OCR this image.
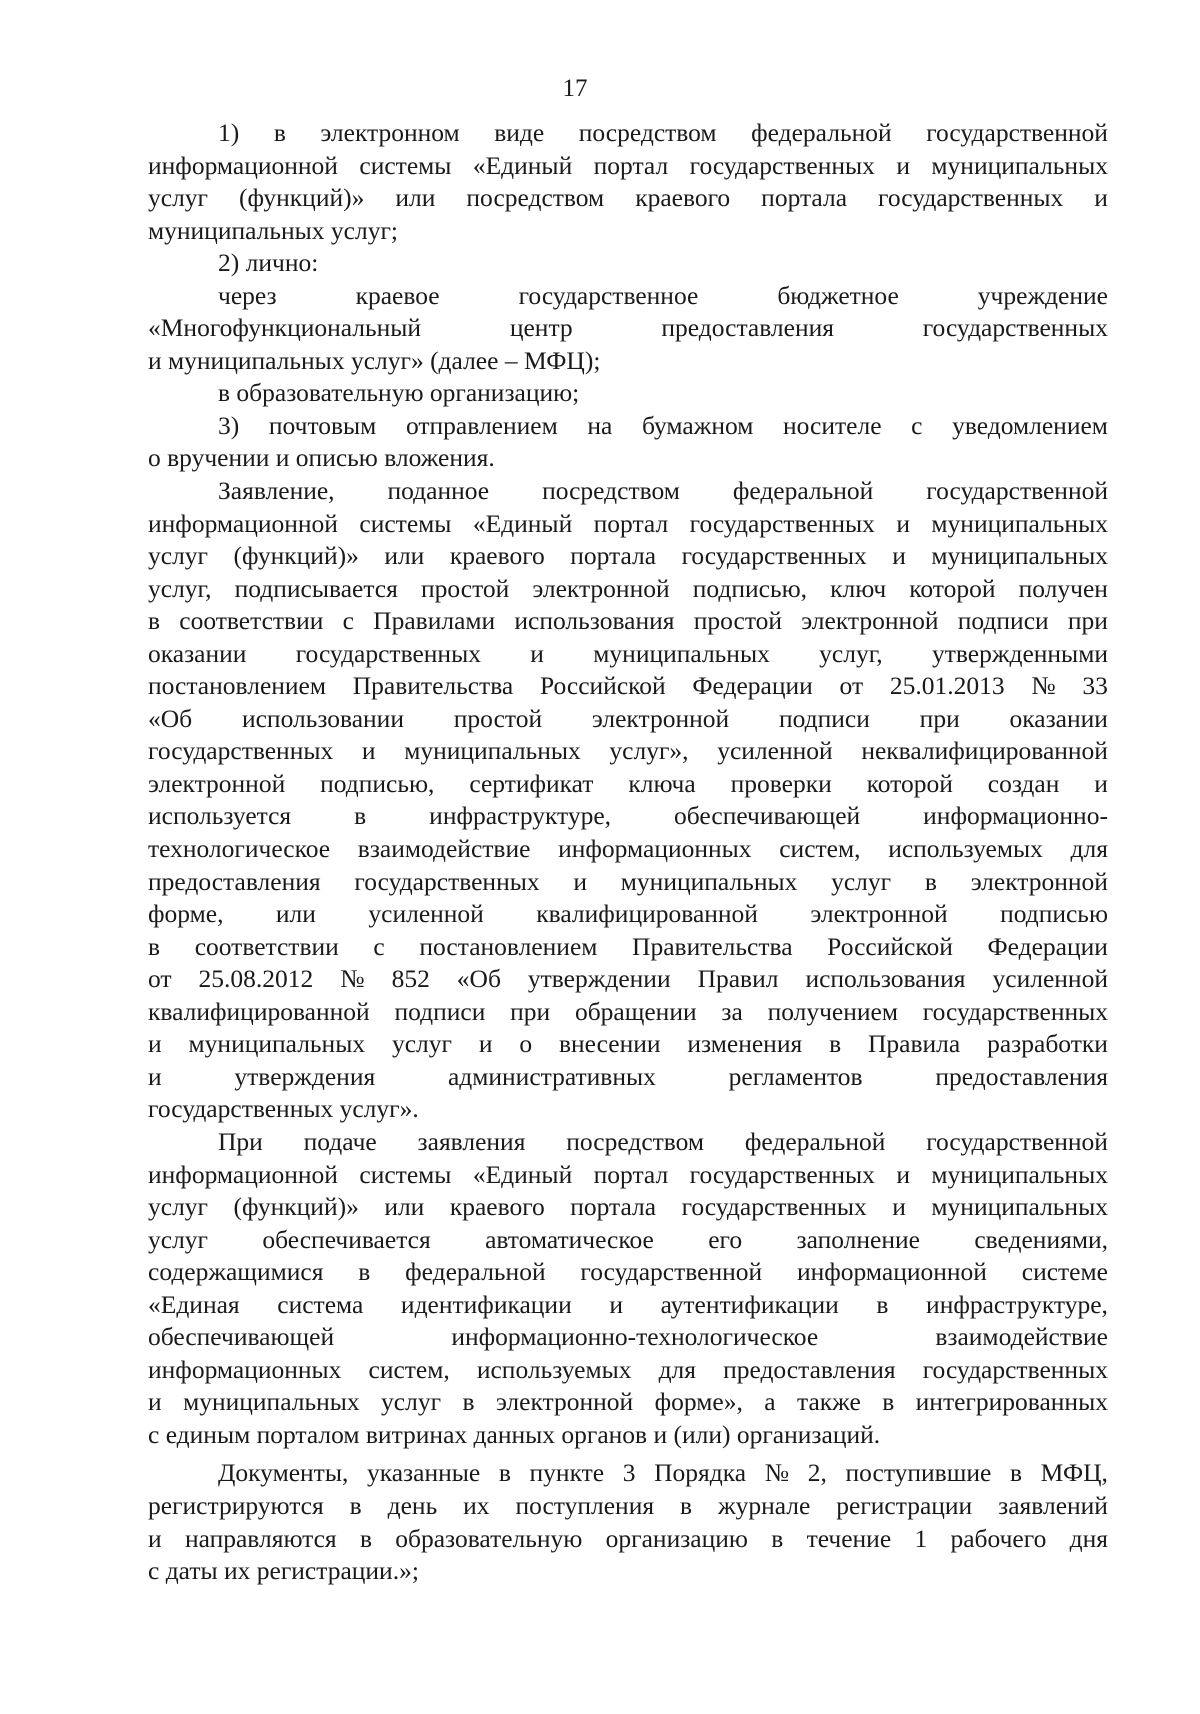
17
1) в электронном виде посредством федеральной государственной
информационной системы «Единый портал государственных и муниципальных
услуг (функций)» или посредством краевого портала государственных и
муниципальных услуг;
2) лично:
через	краевое	государственное	бюджетное	учреждение
«Многофункциональный	центр	предоставления	государственных
и муниципальных услуг» (далее – МФЦ);
в образовательную организацию;
3) почтовым отправлением на бумажном носителе с уведомлением
о вручении и описью вложения.
Заявление, поданное посредством федеральной государственной
информационной системы «Единый портал государственных и муниципальных
услуг (функций)» или краевого портала государственных и муниципальных
услуг, подписывается простой электронной подписью, ключ которой получен
в соответствии с Правилами использования простой электронной подписи при
оказании государственных и муниципальных услуг, утвержденными
постановлением Правительства Российской Федерации от 25.01.2013 № 33
«Об использовании простой электронной подписи при оказании
государственных и муниципальных услуг», усиленной неквалифицированной
электронной подписью, сертификат ключа проверки которой создан и
используется в инфраструктуре, обеспечивающей информационно-
технологическое взаимодействие информационных систем, используемых для
предоставления государственных и муниципальных услуг в электронной
форме, или усиленной квалифицированной электронной подписью
в соответствии с постановлением Правительства Российской Федерации
от 25.08.2012 № 852 «Об утверждении Правил использования усиленной
квалифицированной подписи при обращении за получением государственных
и муниципальных услуг и о внесении изменения в Правила разработки
и	утверждения	административных	регламентов	предоставления
государственных услуг».
При подаче заявления посредством федеральной государственной
информационной системы «Единый портал государственных и муниципальных
услуг (функций)» или краевого портала государственных и муниципальных
услуг обеспечивается автоматическое его заполнение сведениями,
содержащимися в федеральной государственной информационной системе
«Единая система идентификации и аутентификации в инфраструктуре,
обеспечивающей	информационно-технологическое	взаимодействие
информационных систем, используемых для предоставления государственных
и муниципальных услуг в электронной форме», а также в интегрированных
с единым порталом витринах данных органов и (или) организаций.
Документы, указанные в пункте 3 Порядка № 2, поступившие в МФЦ,
регистрируются в день их поступления в журнале регистрации заявлений
и направляются в образовательную организацию в течение 1 рабочего дня
с даты их регистрации.»;
